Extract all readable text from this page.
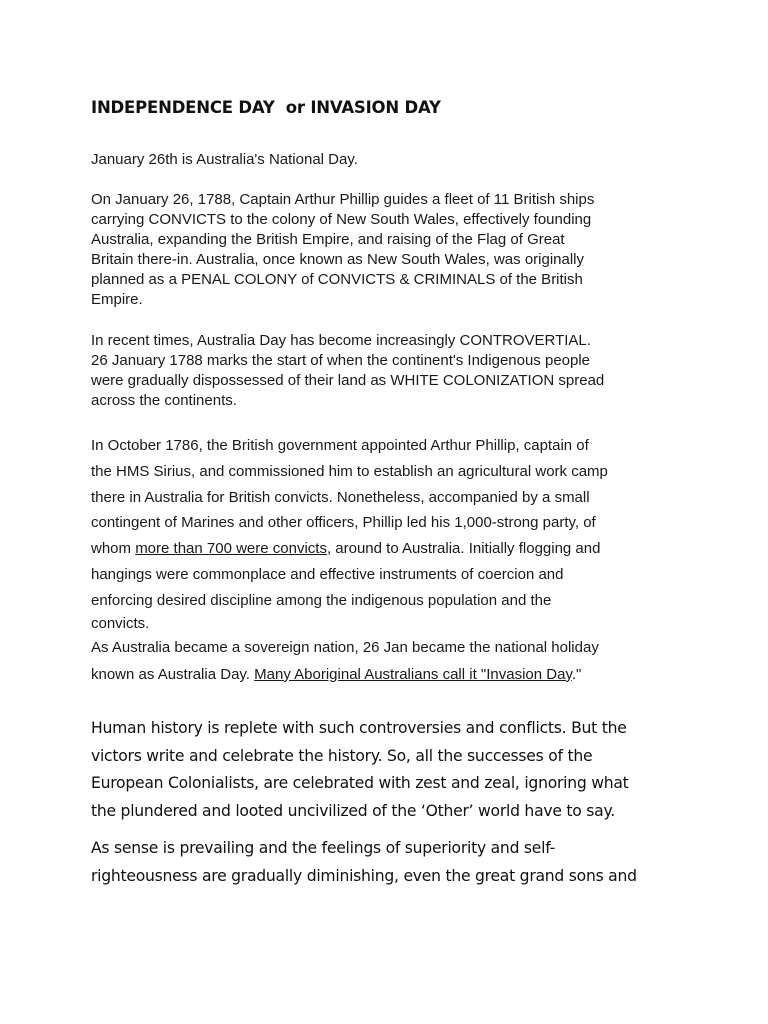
INDEPENDENCE DAY  or INVASION DAY

January 26th is Australia's National Day.

On January 26, 1788, Captain Arthur Phillip guides a fleet of 11 British ships
carrying CONVICTS to the colony of New South Wales, effectively founding
Australia, expanding the British Empire, and raising of the Flag of Great
Britain there-in. Australia, once known as New South Wales, was originally
planned as a PENAL COLONY of CONVICTS & CRIMINALS of the British
Empire.

In recent times, Australia Day has become increasingly CONTROVERTIAL.
26 January 1788 marks the start of when the continent's Indigenous people
were gradually dispossessed of their land as WHITE COLONIZATION spread
across the continents.

In October 1786, the British government appointed Arthur Phillip, captain of
the HMS Sirius, and commissioned him to establish an agricultural work camp
there in Australia for British convicts. Nonetheless, accompanied by a small
contingent of Marines and other officers, Phillip led his 1,000-strong party, of
whom more than 700 were convicts, around to Australia. Initially flogging and
hangings were commonplace and effective instruments of coercion and
enforcing desired discipline among the indigenous population and the
convicts.
As Australia became a sovereign nation, 26 Jan became the national holiday
known as Australia Day. Many Aboriginal Australians call it "Invasion Day."

Human history is replete with such controversies and conflicts. But the
victors write and celebrate the history. So, all the successes of the
European Colonialists, are celebrated with zest and zeal, ignoring what
the plundered and looted uncivilized of the ‘Other’ world have to say.

As sense is prevailing and the feelings of superiority and self-
righteousness are gradually diminishing, even the great grand sons and
